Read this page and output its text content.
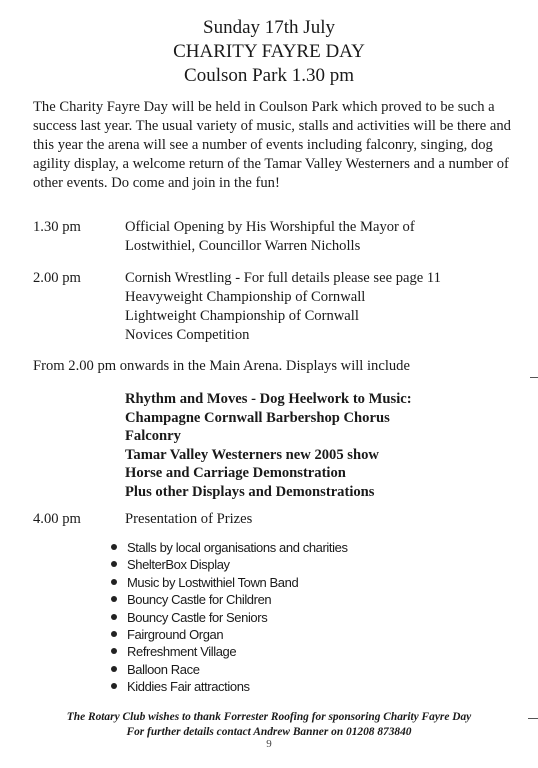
Sunday 17th July
CHARITY FAYRE DAY
Coulson Park 1.30 pm
The Charity Fayre Day will be held in Coulson Park which proved to be such a success last year. The usual variety of music, stalls and activities will be there and this year the arena will see a number of events including falconry, singing, dog agility display, a welcome return of the Tamar Valley Westerners and a number of other events. Do come and join in the fun!
1.30 pm	Official Opening by His Worshipful the Mayor of
Lostwithiel, Councillor Warren Nicholls
2.00 pm	Cornish Wrestling - For full details please see page 11
Heavyweight Championship of Cornwall
Lightweight Championship of Cornwall
Novices Competition
From 2.00 pm onwards in the Main Arena. Displays will include
Rhythm and Moves - Dog Heelwork to Music:
Champagne Cornwall Barbershop Chorus
Falconry
Tamar Valley Westerners new 2005 show
Horse and Carriage Demonstration
Plus other Displays and Demonstrations
4.00 pm	Presentation of Prizes
Stalls by local organisations and charities
ShelterBox Display
Music by Lostwithiel Town Band
Bouncy Castle for Children
Bouncy Castle for Seniors
Fairground Organ
Refreshment Village
Balloon Race
Kiddies Fair attractions
The Rotary Club wishes to thank Forrester Roofing for sponsoring Charity Fayre Day
For further details contact Andrew Banner on 01208 873840
9
